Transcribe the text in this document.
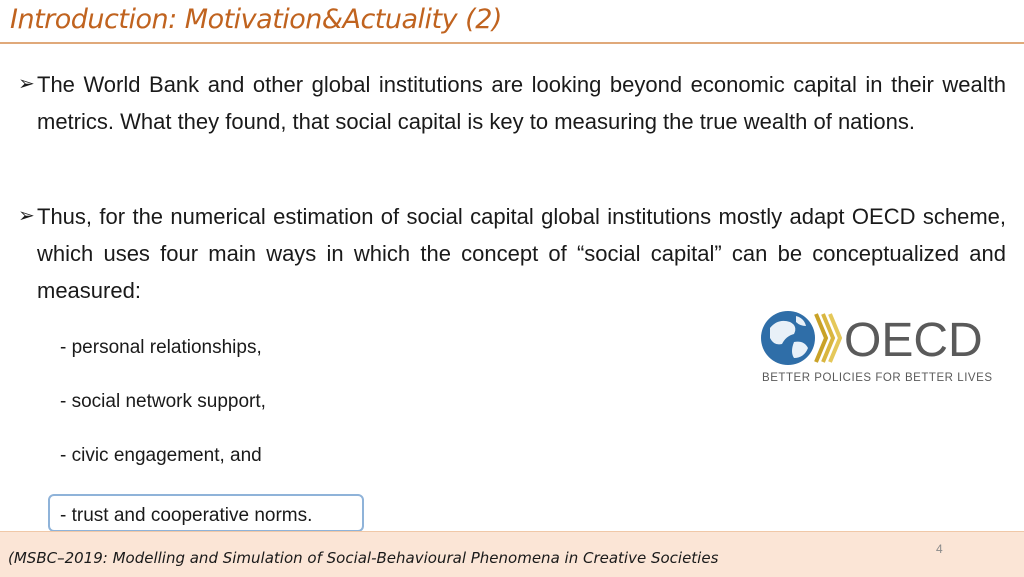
Introduction: Motivation&Actuality (2)
➢ The World Bank and other global institutions are looking beyond economic capital in their wealth metrics. What they found, that social capital is key to measuring the true wealth of nations.
➢ Thus, for the numerical estimation of social capital global institutions mostly adapt OECD scheme, which uses four main ways in which the concept of “social capital” can be conceptualized and measured:
- personal relationships,
- social network support,
- civic engagement, and
- trust and cooperative norms.
OECD
BETTER POLICIES FOR BETTER LIVES
4
(MSBC–2019: Modelling and Simulation of Social-Behavioural Phenomena in Creative Societies
